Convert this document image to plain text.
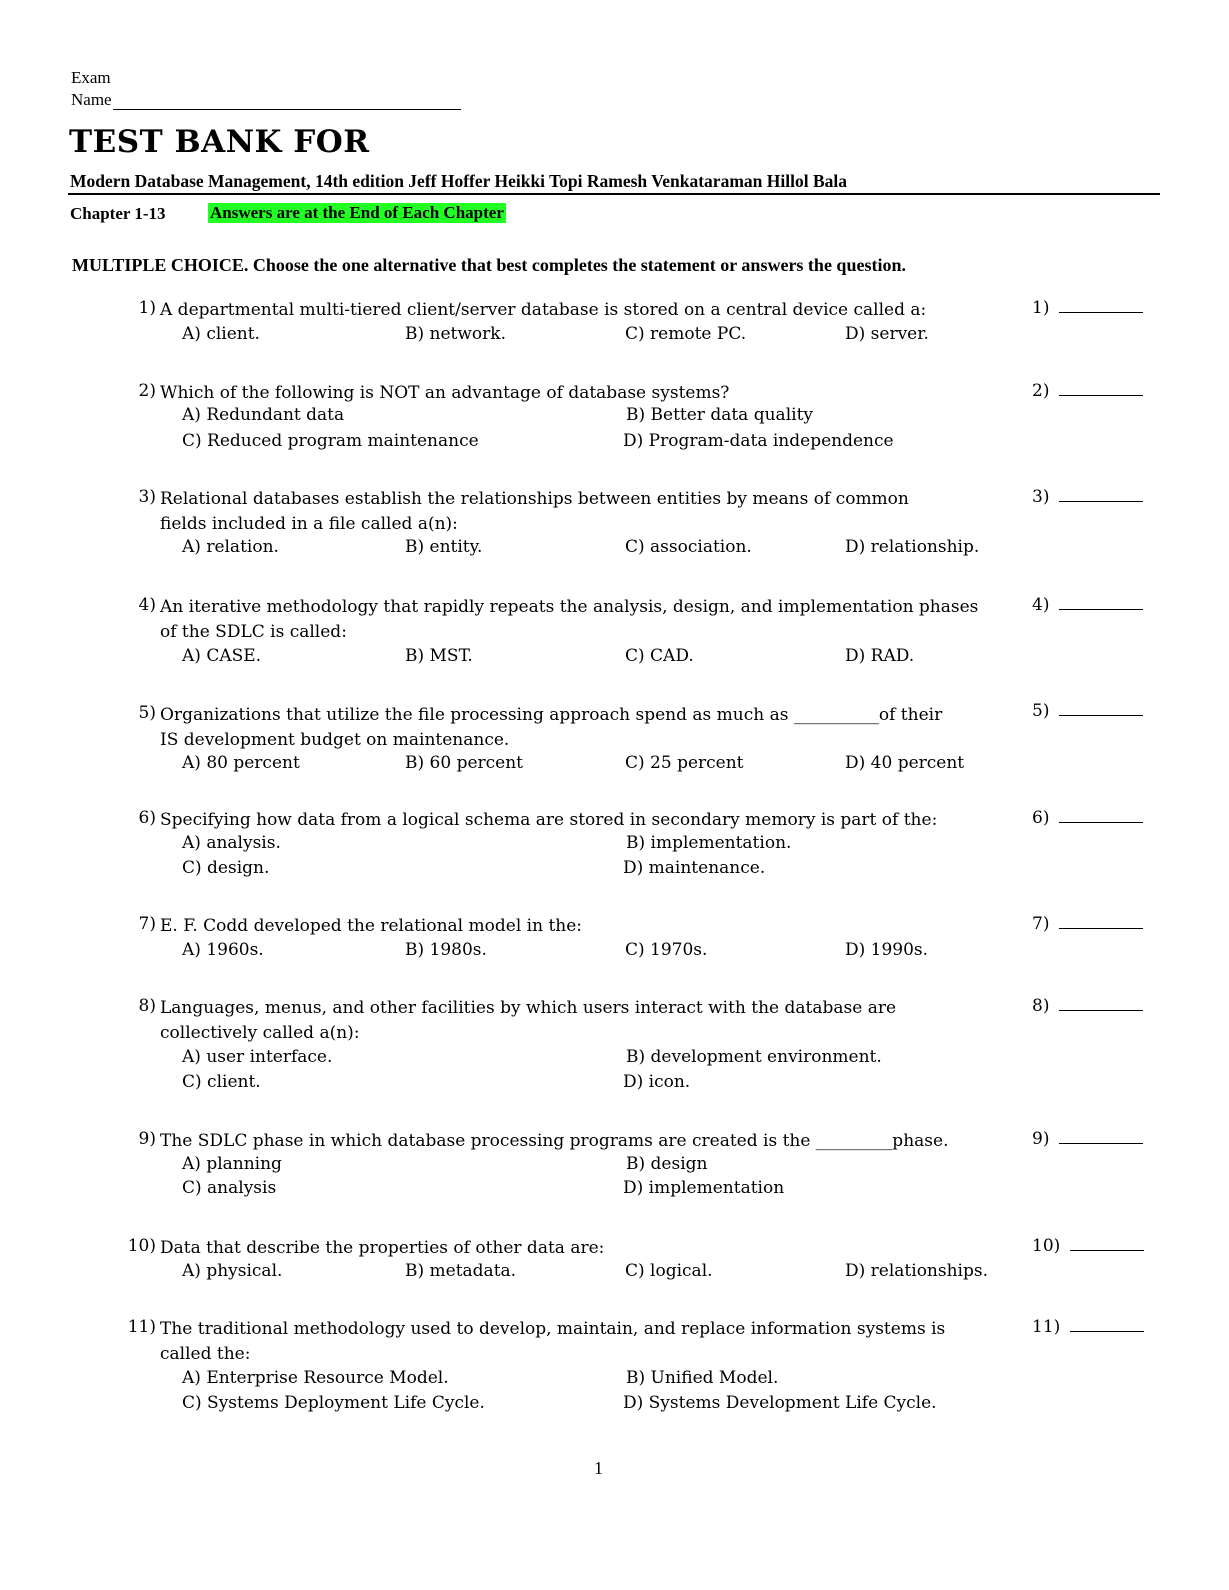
Exam
Name
TEST BANK FOR
Modern Database Management, 14th edition Jeff Hoffer Heikki Topi Ramesh Venkataraman Hillol Bala
Chapter 1-13	Answers are at the End of Each Chapter
MULTIPLE CHOICE. Choose the one alternative that best completes the statement or answers the question.
1) A departmental multi-tiered client/server database is stored on a central device called a:
A) client.	B) network.	C) remote PC.	D) server.
1)
2) Which of the following is NOT an advantage of database systems?
A) Redundant data	B) Better data quality
C) Reduced program maintenance	D) Program-data independence
2)
3) Relational databases establish the relationships between entities by means of common fields included in a file called a(n):
A) relation.	B) entity.	C) association.	D) relationship.
3)
4) An iterative methodology that rapidly repeats the analysis, design, and implementation phases of the SDLC is called:
A) CASE.	B) MST.	C) CAD.	D) RAD.
4)
5) Organizations that utilize the file processing approach spend as much as __________of their IS development budget on maintenance.
A) 80 percent	B) 60 percent	C) 25 percent	D) 40 percent
5)
6) Specifying how data from a logical schema are stored in secondary memory is part of the:
A) analysis.	B) implementation.
C) design.	D) maintenance.
6)
7) E. F. Codd developed the relational model in the:
A) 1960s.	B) 1980s.	C) 1970s.	D) 1990s.
7)
8) Languages, menus, and other facilities by which users interact with the database are collectively called a(n):
A) user interface.	B) development environment.
C) client.	D) icon.
8)
9) The SDLC phase in which database processing programs are created is the _________phase.
A) planning	B) design
C) analysis	D) implementation
9)
10) Data that describe the properties of other data are:
A) physical.	B) metadata.	C) logical.	D) relationships.
10)
11) The traditional methodology used to develop, maintain, and replace information systems is called the:
A) Enterprise Resource Model.	B) Unified Model.
C) Systems Deployment Life Cycle.	D) Systems Development Life Cycle.
11)
1
